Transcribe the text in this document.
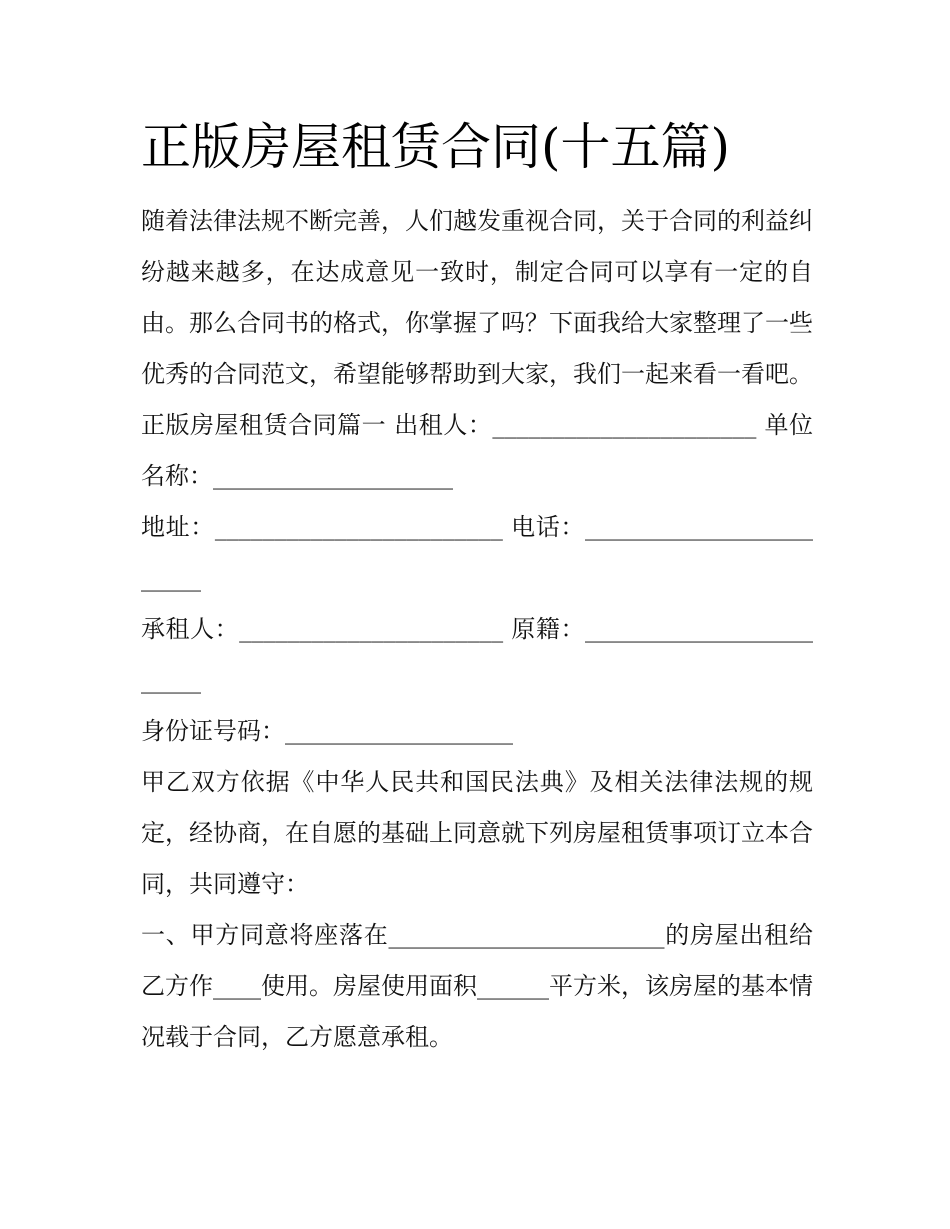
正版房屋租赁合同(十五篇)

随着法律法规不断完善，人们越发重视合同，关于合同的利益纠纷越来越多，在达成意见一致时，制定合同可以享有一定的自由。那么合同书的格式，你掌握了吗？下面我给大家整理了一些优秀的合同范文，希望能够帮助到大家，我们一起来看一看吧。

正版房屋租赁合同篇一 出租人：______________________ 单位名称：____________________

地址：________________________ 电话：________________________

承租人：______________________ 原籍：________________________

身份证号码：___________________

甲乙双方依据《中华人民共和国民法典》及相关法律法规的规定，经协商，在自愿的基础上同意就下列房屋租赁事项订立本合同，共同遵守：

一、甲方同意将座落在_______________________的房屋出租给乙方作____使用。房屋使用面积______平方米，该房屋的基本情况载于合同，乙方愿意承租。
